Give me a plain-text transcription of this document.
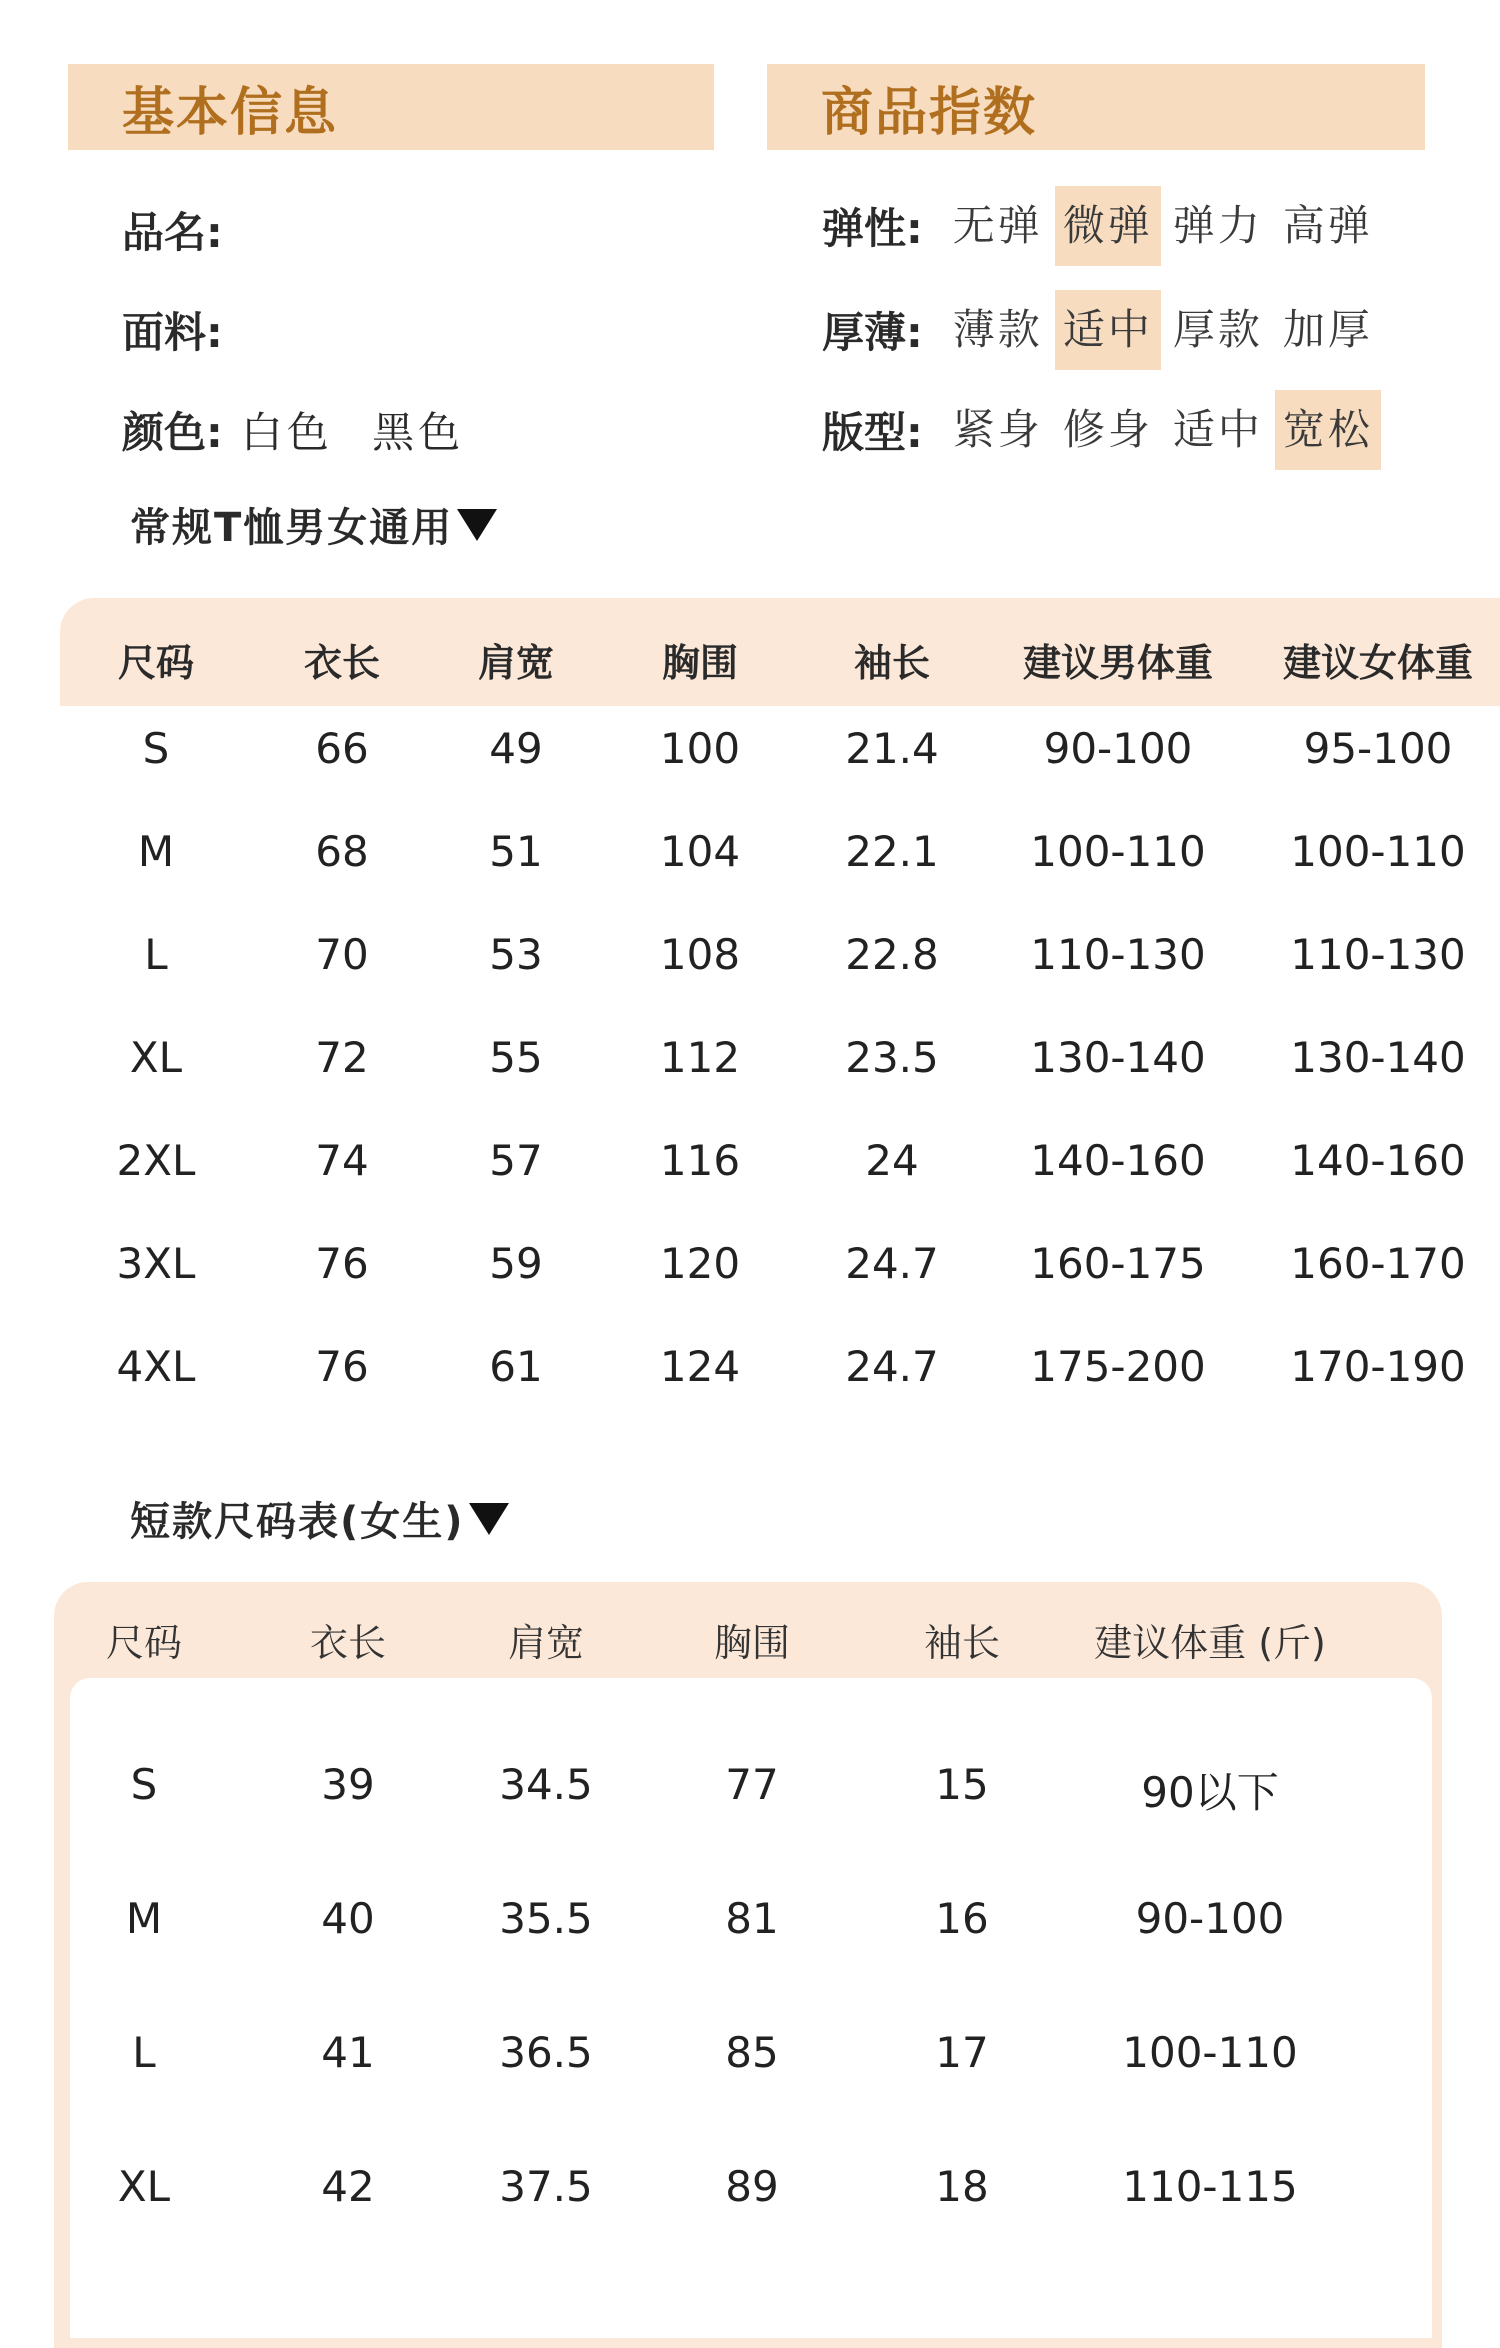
基本信息	商品指数
品名:
面料:
颜色: 白色 黑色
弹性: 无弹 微弹 弹力 高弹
厚薄: 薄款 适中 厚款 加厚
版型: 紧身 修身 适中 宽松
常规T恤男女通用
尺码	衣长	肩宽	胸围	袖长 建议男体重 建议女体重
S	66	49	100	21.4 90-100	95-100
M	68	51	104	22.1 100-110 100-110
L	70	53	108	22.8 110-130 110-130
XL	72	55	112	23.5 130-140 130-140
2XL	74	57	116	24	140-160 140-160
3XL	76	59	120	24.7 160-175 160-170
4XL	76	61	124	24.7 175-200 170-190
短款尺码表(女生)
尺码	衣长	肩宽	胸围	袖长 建议体重 (斤)
S	39	34.5	77	15	90以下
M	40	35.5	81	16	90-100
L	41	36.5	85	17	100-110
XL	42	37.5	89	18	110-115
